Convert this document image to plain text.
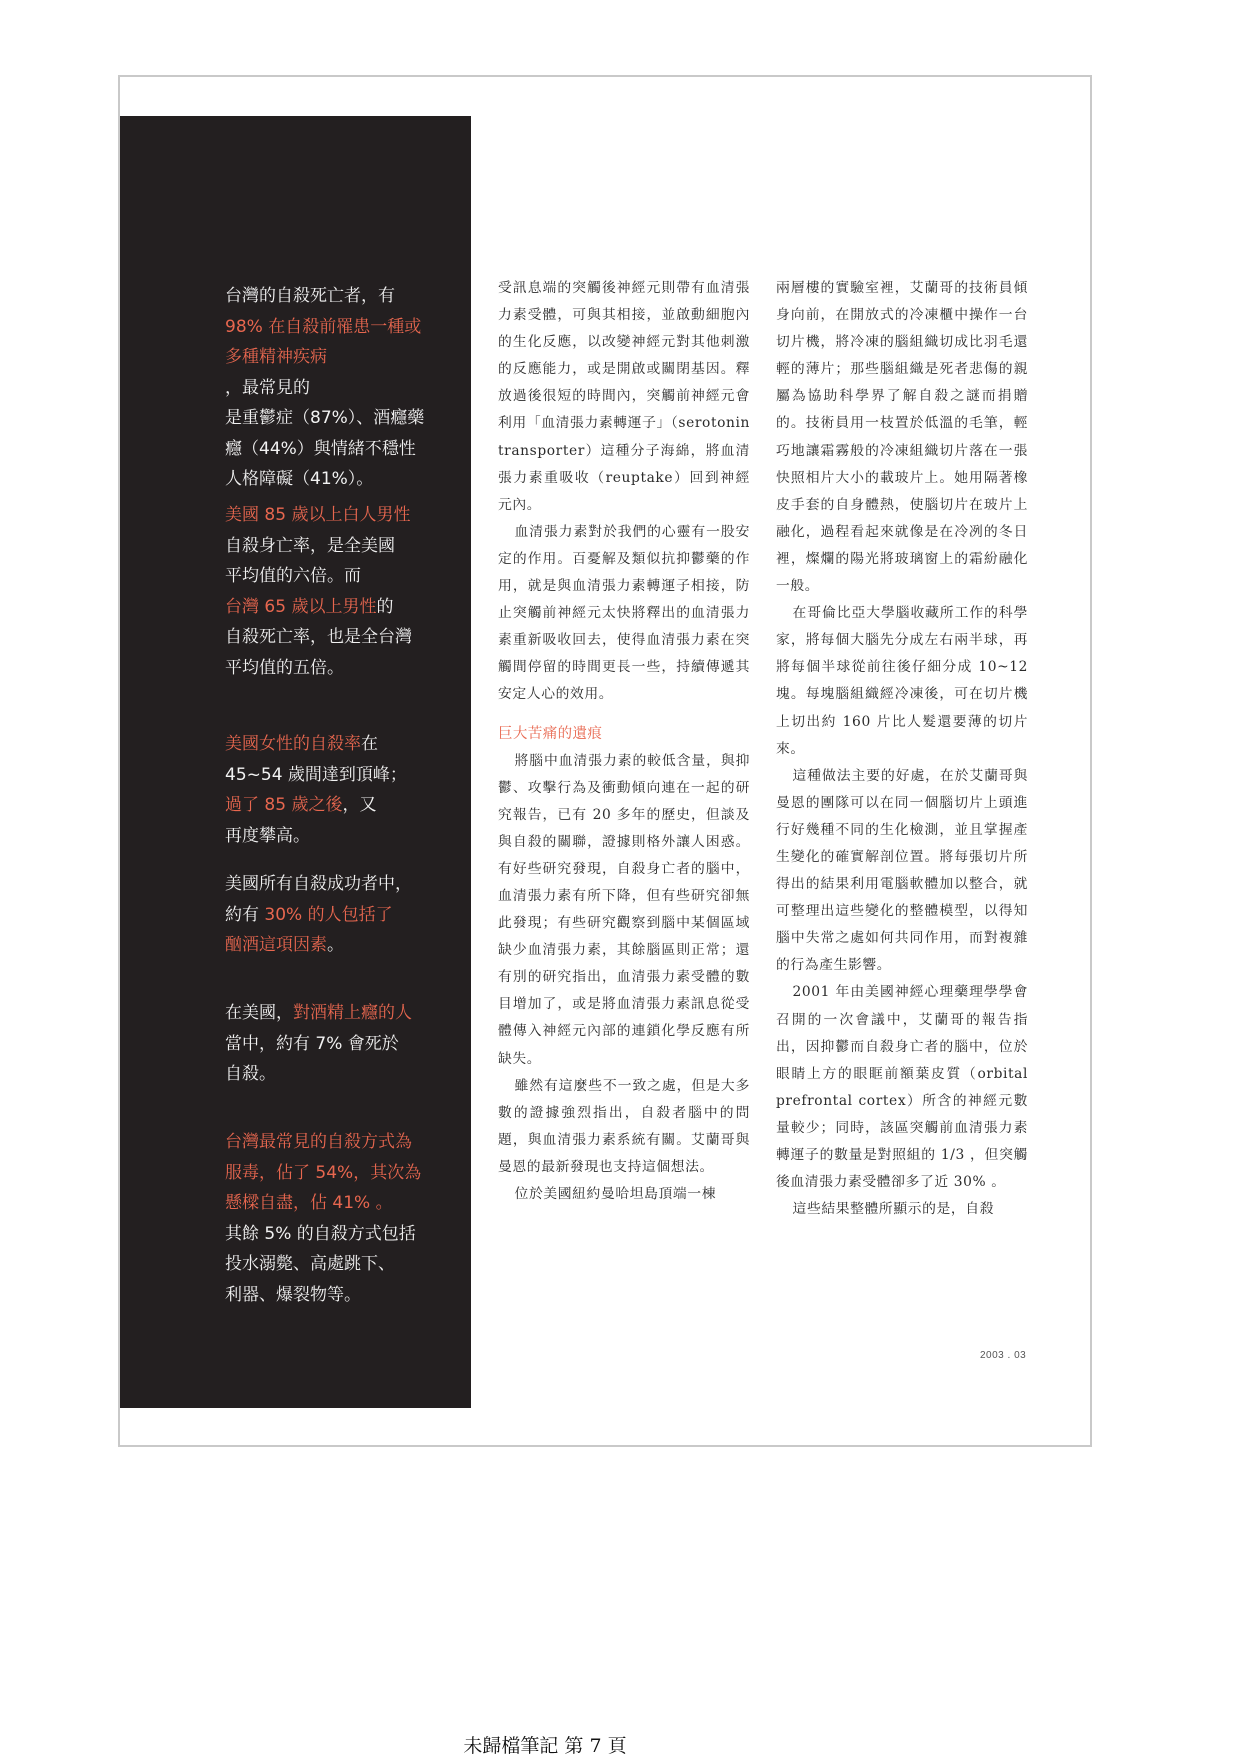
台灣的自殺死亡者，有
98% 在自殺前罹患一種或
多種精神疾病
，最常見的
是重鬱症（87%）、酒癮藥
癮（44%）與情緒不穩性
人格障礙（41%）。
美國 85 歲以上白人男性
自殺身亡率，是全美國
平均值的六倍。而
台灣 65 歲以上男性的
自殺死亡率，也是全台灣
平均值的五倍。
美國女性的自殺率在
45~54 歲間達到頂峰；
過了 85 歲之後，又
再度攀高。
美國所有自殺成功者中，
約有 30% 的人包括了
酗酒這項因素。
在美國，對酒精上癮的人
當中，約有 7% 會死於
自殺。
台灣最常見的自殺方式為
服毒，佔了 54%，其次為
懸樑自盡，佔 41% 。
其餘 5% 的自殺方式包括
投水溺斃、高處跳下、
利器、爆裂物等。

受訊息端的突觸後神經元則帶有血清張力素受體，可與其相接，並啟動細胞內的生化反應，以改變神經元對其他刺激的反應能力，或是開啟或關閉基因。釋放過後很短的時間內，突觸前神經元會利用「血清張力素轉運子」（serotonin transporter）這種分子海綿，將血清張力素重吸收（reuptake）回到神經元內。

血清張力素對於我們的心靈有一股安定的作用。百憂解及類似抗抑鬱藥的作用，就是與血清張力素轉運子相接，防止突觸前神經元太快將釋出的血清張力素重新吸收回去，使得血清張力素在突觸間停留的時間更長一些，持續傳遞其安定人心的效用。

巨大苦痛的遺痕

將腦中血清張力素的較低含量，與抑鬱、攻擊行為及衝動傾向連在一起的研究報告，已有 20 多年的歷史，但談及與自殺的關聯，證據則格外讓人困惑。有好些研究發現，自殺身亡者的腦中，血清張力素有所下降，但有些研究卻無此發現；有些研究觀察到腦中某個區域缺少血清張力素，其餘腦區則正常；還有別的研究指出，血清張力素受體的數目增加了，或是將血清張力素訊息從受體傳入神經元內部的連鎖化學反應有所缺失。

雖然有這麼些不一致之處，但是大多數的證據強烈指出，自殺者腦中的問題，與血清張力素系統有關。艾蘭哥與曼恩的最新發現也支持這個想法。

位於美國紐約曼哈坦島頂端一棟

兩層樓的實驗室裡，艾蘭哥的技術員傾身向前，在開放式的冷凍櫃中操作一台切片機，將冷凍的腦組織切成比羽毛還輕的薄片；那些腦組織是死者悲傷的親屬為協助科學界了解自殺之謎而捐贈的。技術員用一枝置於低溫的毛筆，輕巧地讓霜霧般的冷凍組織切片落在一張快照相片大小的載玻片上。她用隔著橡皮手套的自身體熱，使腦切片在玻片上融化，過程看起來就像是在冷冽的冬日裡，燦爛的陽光將玻璃窗上的霜紛融化一般。

在哥倫比亞大學腦收藏所工作的科學家，將每個大腦先分成左右兩半球，再將每個半球從前往後仔細分成 10~12 塊。每塊腦組織經冷凍後，可在切片機上切出約 160 片比人髮還要薄的切片來。

這種做法主要的好處，在於艾蘭哥與曼恩的團隊可以在同一個腦切片上頭進行好幾種不同的生化檢測，並且掌握產生變化的確實解剖位置。將每張切片所得出的結果利用電腦軟體加以整合，就可整理出這些變化的整體模型，以得知腦中失常之處如何共同作用，而對複雜的行為產生影響。

2001 年由美國神經心理藥理學學會召開的一次會議中，艾蘭哥的報告指出，因抑鬱而自殺身亡者的腦中，位於眼睛上方的眼眶前額葉皮質（orbital prefrontal cortex）所含的神經元數量較少；同時，該區突觸前血清張力素轉運子的數量是對照組的 1/3 ，但突觸後血清張力素受體卻多了近 30% 。

這些結果整體所顯示的是，自殺

2003 . 03
未歸檔筆記 第 7 頁
